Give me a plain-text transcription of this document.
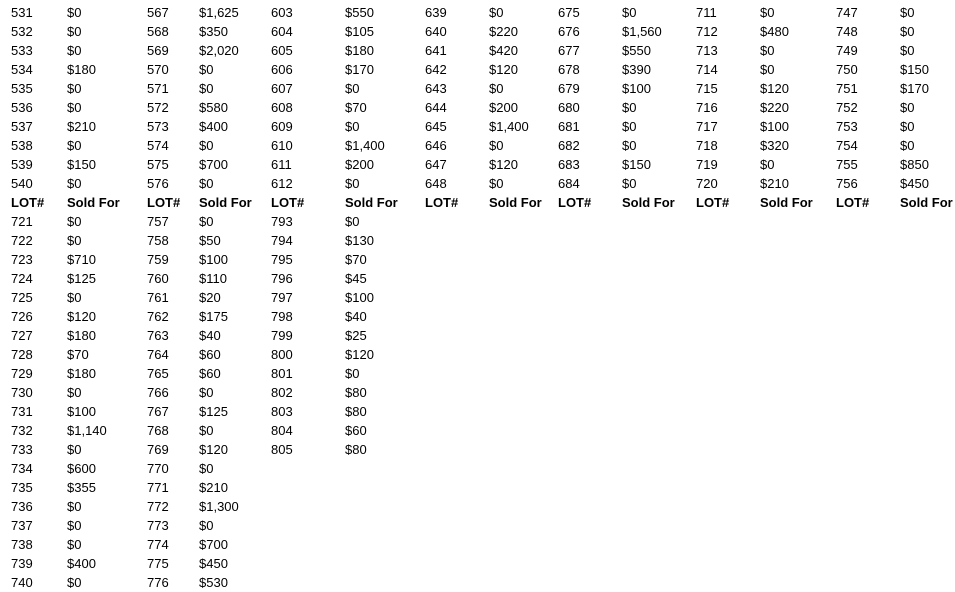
531	$0	567 $1,625 603	$550	639	$0	675	$0	711	$0	747	$0
532	$0	568 $350	604	$105	640	$220	676	$1,560	712	$480	748	$0
533	$0	569 $2,020 605	$180	641	$420	677	$550	713	$0	749	$0
534	$180	570 $0	606	$170	642	$120	678	$390	714	$0	750	$150
535	$0	571 $0	607	$0	643	$0	679	$100	715	$120	751	$170
536	$0	572 $580	608	$70	644	$200	680	$0	716	$220	752	$0
537	$210	573 $400	609	$0	645	$1,400 681	$0	717	$100	753	$0
538	$0	574 $0	610	$1,400	646	$0	682	$0	718	$320	754	$0
539	$150	575 $700	611	$200	647	$120	683	$150	719	$0	755	$850
540	$0	576 $0	612	$0	648	$0	684	$0	720	$210	756	$450
LOT# Sold For LOT# Sold For LOT#	Sold For LOT# Sold For LOT# Sold For LOT# Sold For LOT# Sold For
721	$0	757 $0	793	$0
722	$0	758 $50	794	$130
723	$710	759 $100	795	$70
724	$125	760 $110	796	$45
725	$0	761 $20	797	$100
726	$120	762 $175	798	$40
727	$180	763 $40	799	$25
728	$70	764 $60	800	$120
729	$180	765 $60	801	$0
730	$0	766 $0	802	$80
731	$100	767 $125	803	$80
732	$1,140	768 $0	804	$60
733	$0	769 $120	805	$80
734	$600	770 $0
735	$355	771 $210
736	$0	772 $1,300
737	$0	773 $0
738	$0	774 $700
739	$400	775 $450
740	$0	776 $530
